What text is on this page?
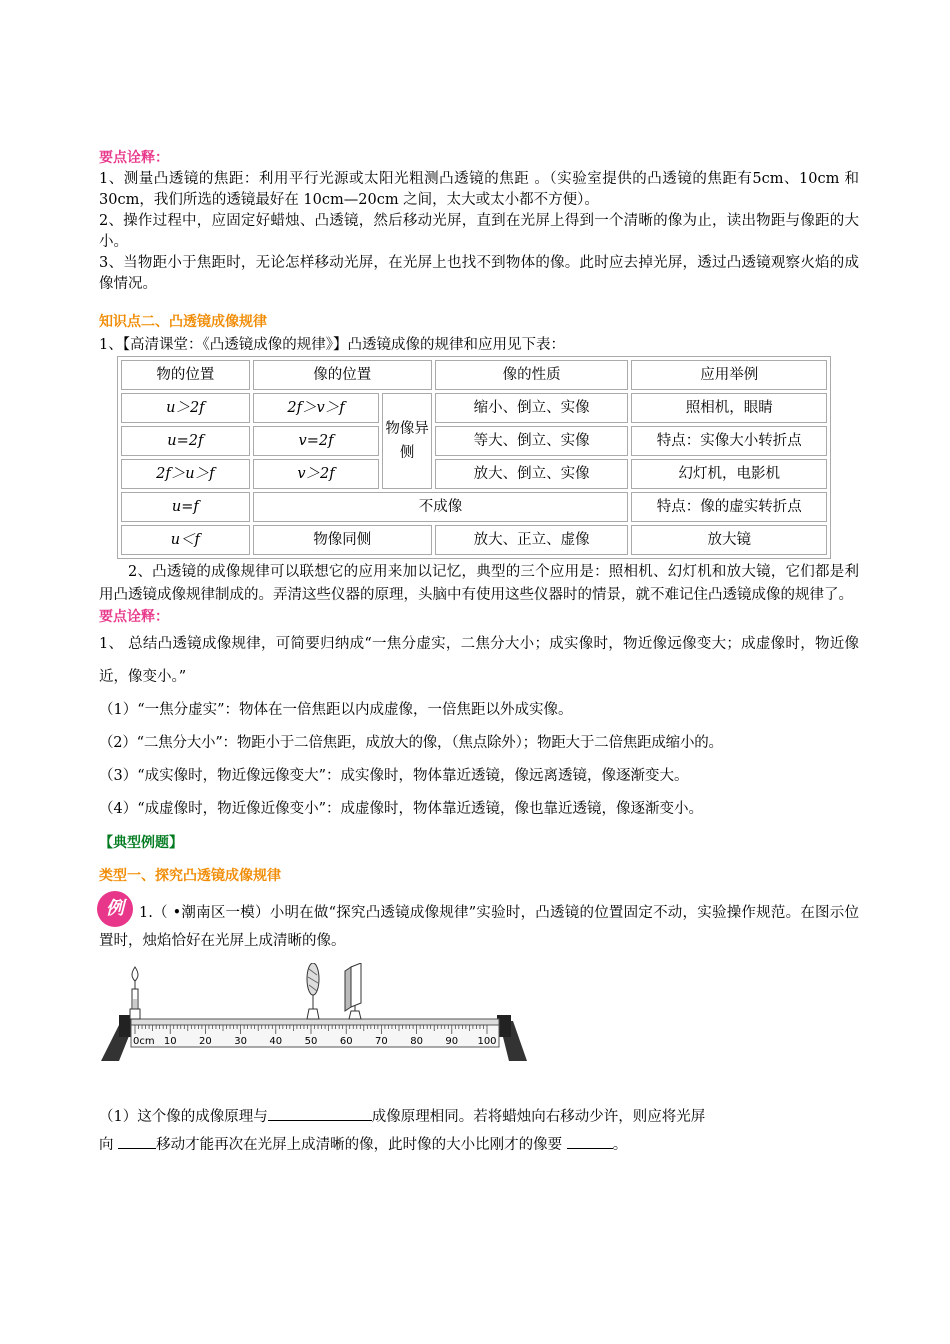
要点诠释：

1、测量凸透镜的焦距：利用平行光源或太阳光粗测凸透镜的焦距 。（实验室提供的凸透镜的焦距有5cm、10cm 和 30cm，我们所选的透镜最好在 10cm—20cm 之间，太大或太小都不方便）。

2、操作过程中，应固定好蜡烛、凸透镜，然后移动光屏，直到在光屏上得到一个清晰的像为止，读出物距与像距的大小。

3、当物距小于焦距时，无论怎样移动光屏，在光屏上也找不到物体的像。此时应去掉光屏，透过凸透镜观察火焰的成像情况。

知识点二、凸透镜成像规律

1、【高清课堂：《凸透镜成像的规律》】凸透镜成像的规律和应用见下表：

物的位置	像的位置		像的性质	应用举例
u＞2f	2f＞v＞f	物像异侧	缩小、倒立、实像	照相机，眼睛
u=2f	v=2f		等大、倒立、实像	特点：实像大小转折点
2f＞u＞f	v＞2f		放大、倒立、实像	幻灯机，电影机
u=f	不成像			特点：像的虚实转折点
u＜f	物像同侧		放大、正立、虚像	放大镜

2、凸透镜的成像规律可以联想它的应用来加以记忆，典型的三个应用是：照相机、幻灯机和放大镜，它们都是利用凸透镜成像规律制成的。弄清这些仪器的原理，头脑中有使用这些仪器时的情景，就不难记住凸透镜成像的规律了。

要点诠释：

1、 总结凸透镜成像规律，可简要归纳成“一焦分虚实，二焦分大小；成实像时，物近像远像变大；成虚像时，物近像近，像变小。”

（1）“一焦分虚实”：物体在一倍焦距以内成虚像，一倍焦距以外成实像。

（2）“二焦分大小”：物距小于二倍焦距，成放大的像，（焦点除外）；物距大于二倍焦距成缩小的。

（3）“成实像时，物近像远像变大”：成实像时，物体靠近透镜，像远离透镜，像逐渐变大。

（4）“成虚像时，物近像近像变小”：成虚像时，物体靠近透镜，像也靠近透镜，像逐渐变小。

【典型例题】

类型一、探究凸透镜成像规律

例	1.（ •潮南区一模）小明在做“探究凸透镜成像规律”实验时，凸透镜的位置固定不动，实验操作规范。在图示位置时，烛焰恰好在光屏上成清晰的像。

0cm 10 20 30 40 50 60 70 80 90 100

（1）这个像的成像原理与	成像原理相同。若将蜡烛向右移动少许，则应将光屏
向	移动才能再次在光屏上成清晰的像，此时像的大小比刚才的像要	。
